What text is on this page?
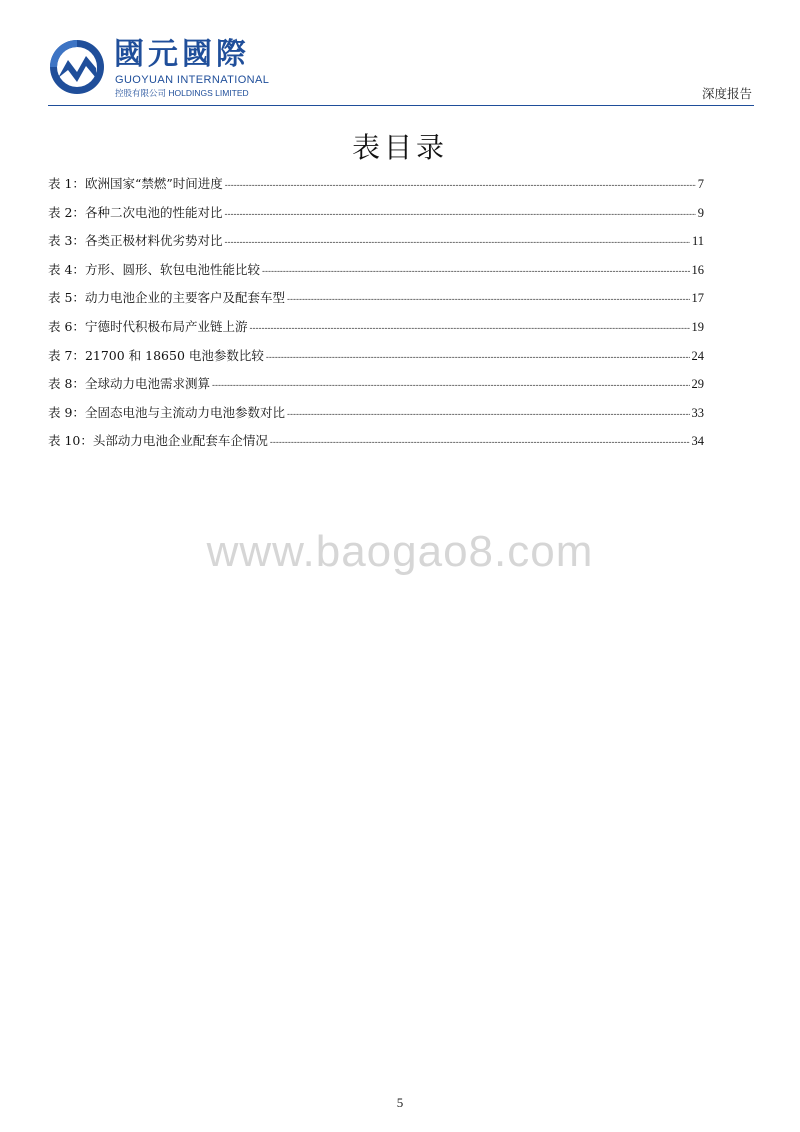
國元國際
GUOYUAN INTERNATIONAL
控股有限公司 HOLDINGS LIMITED	深度报告
表目录
表 1： 欧洲国家“禁燃”时间进度 -----	7
表 2： 各种二次电池的性能对比 -----	9
表 3： 各类正极材料优劣势对比 -----	11
表 4： 方形、圆形、软包电池性能比较 -----	16
表 5： 动力电池企业的主要客户及配套车型 -----	17
表 6： 宁德时代积极布局产业链上游 -----	19
表 7： 21700 和 18650 电池参数比较 -----	24
表 8： 全球动力电池需求测算 -----	29
表 9： 全固态电池与主流动力电池参数对比 -----	33
表 10： 头部动力电池企业配套车企情况 -----	34
www.baogao8.com
5
